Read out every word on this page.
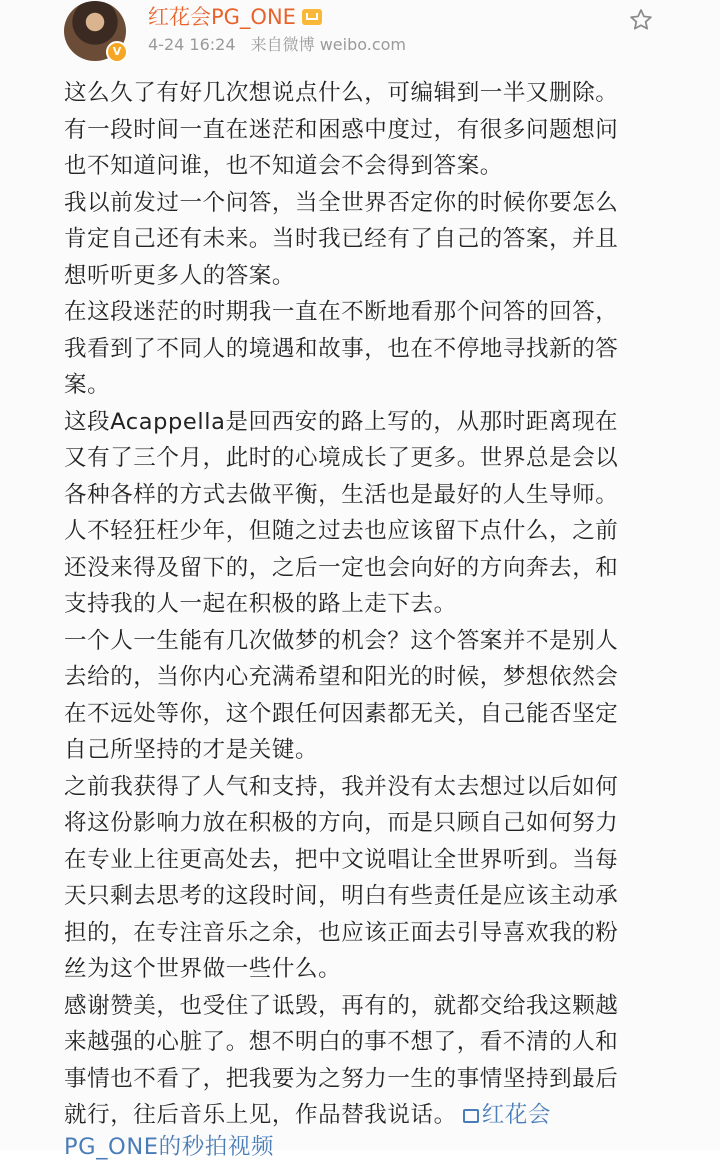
V
红花会PG_ONE
4-24 16:24 来自微博 weibo.com
这么久了有好几次想说点什么，可编辑到一半又删除。
有一段时间一直在迷茫和困惑中度过，有很多问题想问
也不知道问谁，也不知道会不会得到答案。
我以前发过一个问答，当全世界否定你的时候你要怎么
肯定自己还有未来。当时我已经有了自己的答案，并且
想听听更多人的答案。
在这段迷茫的时期我一直在不断地看那个问答的回答，
我看到了不同人的境遇和故事，也在不停地寻找新的答
案。
这段Acappella是回西安的路上写的，从那时距离现在
又有了三个月，此时的心境成长了更多。世界总是会以
各种各样的方式去做平衡，生活也是最好的人生导师。
人不轻狂枉少年，但随之过去也应该留下点什么，之前
还没来得及留下的，之后一定也会向好的方向奔去，和
支持我的人一起在积极的路上走下去。
一个人一生能有几次做梦的机会？这个答案并不是别人
去给的，当你内心充满希望和阳光的时候，梦想依然会
在不远处等你，这个跟任何因素都无关，自己能否坚定
自己所坚持的才是关键。
之前我获得了人气和支持，我并没有太去想过以后如何
将这份影响力放在积极的方向，而是只顾自己如何努力
在专业上往更高处去，把中文说唱让全世界听到。当每
天只剩去思考的这段时间，明白有些责任是应该主动承
担的，在专注音乐之余，也应该正面去引导喜欢我的粉
丝为这个世界做一些什么。
感谢赞美，也受住了诋毁，再有的，就都交给我这颗越
来越强的心脏了。想不明白的事不想了，看不清的人和
事情也不看了，把我要为之努力一生的事情坚持到最后
就行，往后音乐上见，作品替我说话。 红花会
PG_ONE的秒拍视频
